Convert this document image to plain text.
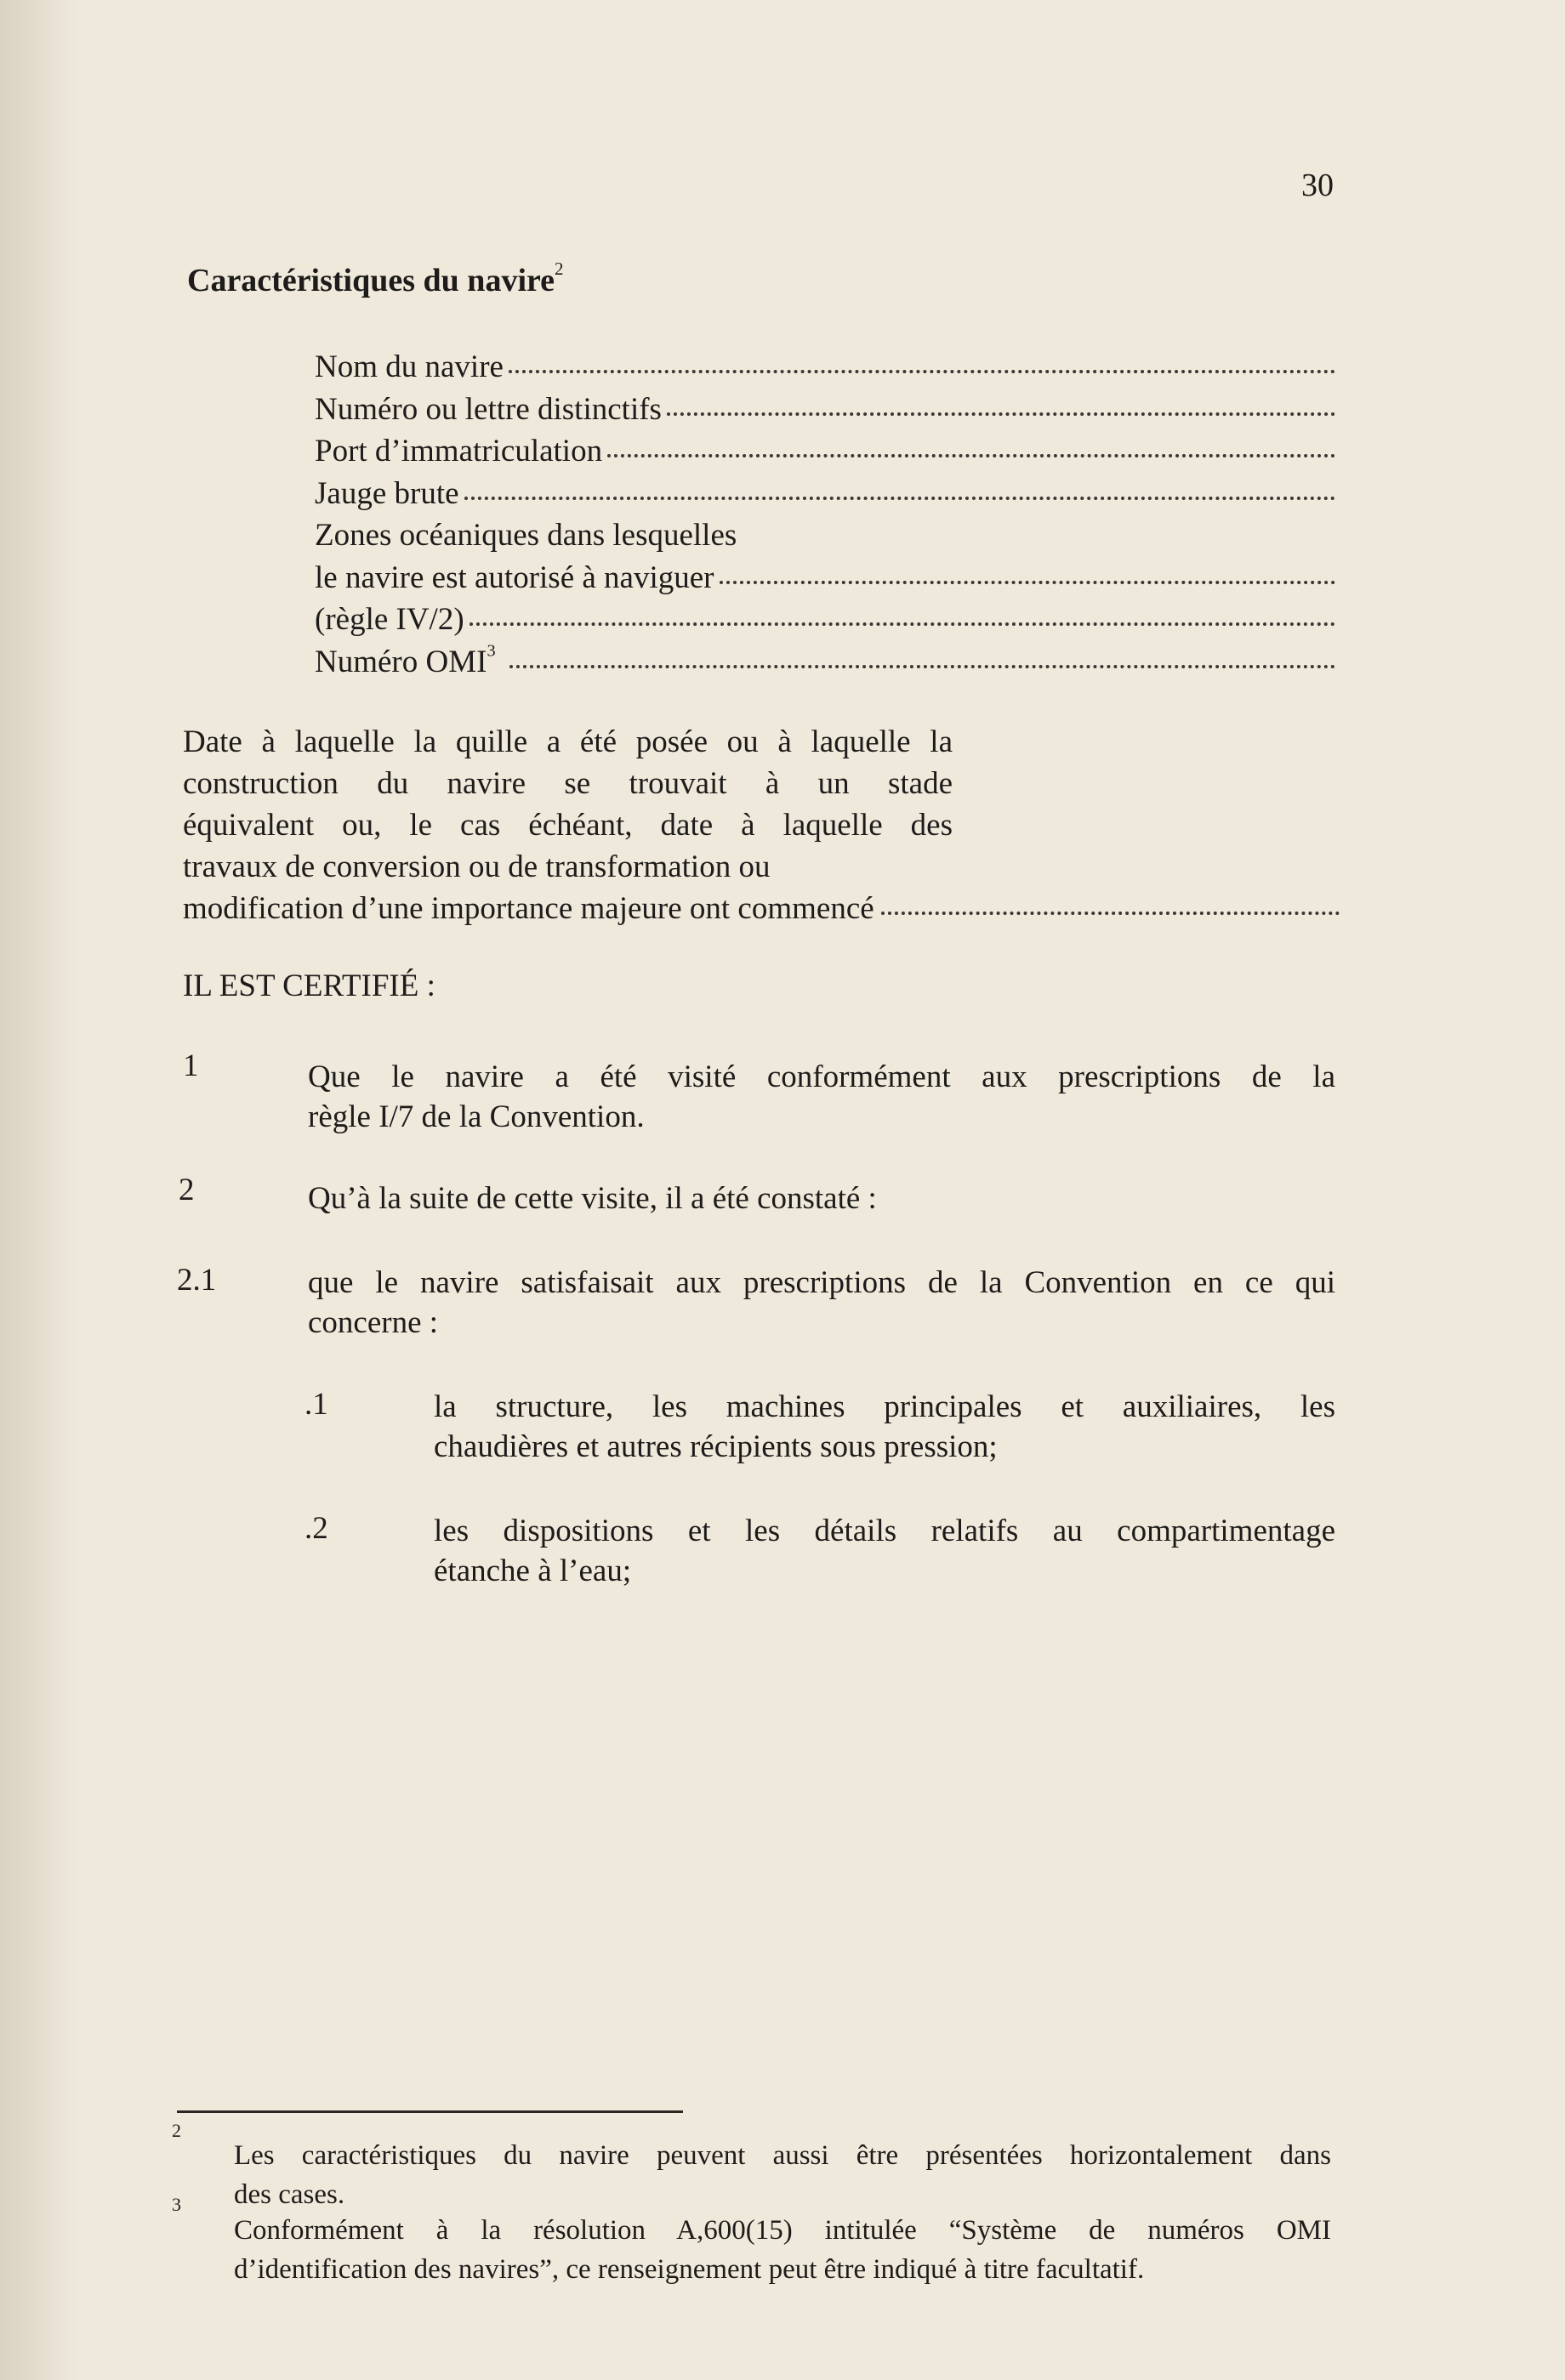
30
Caractéristiques du navire$^2$
Nom du navire
Numéro ou lettre distinctifs
Port d’immatriculation
Jauge brute
Zones océaniques dans lesquelles
le navire est autorisé à naviguer
(règle IV/2)
Numéro OMI$^3$
Date à laquelle la quille a été posée ou à laquelle la
construction du navire se trouvait à un stade
équivalent ou, le cas échéant, date à laquelle des
travaux de conversion ou de transformation ou
modification d’une importance majeure ont commencé
IL EST CERTIFIÉ :
1	Que le navire a été visité conformément aux prescriptions de la
règle I/7 de la Convention.
2	Qu’à la suite de cette visite, il a été constaté :
2.1	que le navire satisfaisait aux prescriptions de la Convention en ce qui
concerne :
.1	la structure, les machines principales et auxiliaires, les
chaudières et autres récipients sous pression;
.2	les dispositions et les détails relatifs au compartimentage
étanche à l’eau;
2
Les caractéristiques du navire peuvent aussi être présentées horizontalement dans
des cases.
3
Conformément à la résolution A,600(15) intitulée “Système de numéros OMI
d’identification des navires”, ce renseignement peut être indiqué à titre facultatif.
